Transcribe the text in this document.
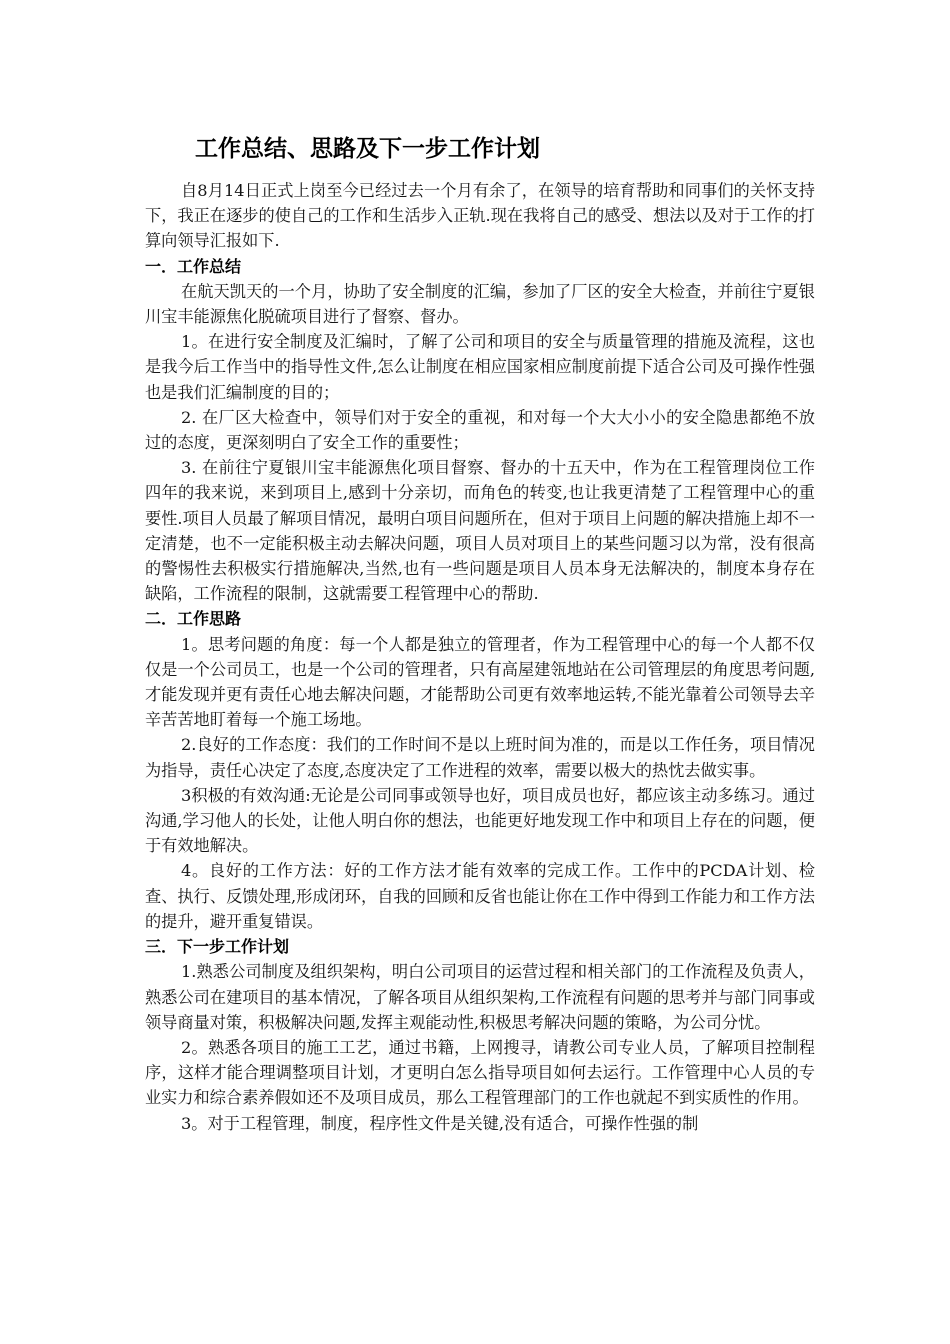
工作总结、思路及下一步工作计划

自8月14日正式上岗至今已经过去一个月有余了，在领导的培育帮助和同事们的关怀支持下，我正在逐步的使自己的工作和生活步入正轨.现在我将自己的感受、想法以及对于工作的打算向领导汇报如下.

一．工作总结

在航天凯天的一个月，协助了安全制度的汇编，参加了厂区的安全大检查，并前往宁夏银川宝丰能源焦化脱硫项目进行了督察、督办。

1。在进行安全制度及汇编时，了解了公司和项目的安全与质量管理的措施及流程，这也是我今后工作当中的指导性文件,怎么让制度在相应国家相应制度前提下适合公司及可操作性强也是我们汇编制度的目的；

2. 在厂区大检查中，领导们对于安全的重视，和对每一个大大小小的安全隐患都绝不放过的态度，更深刻明白了安全工作的重要性；

3. 在前往宁夏银川宝丰能源焦化项目督察、督办的十五天中，作为在工程管理岗位工作四年的我来说，来到项目上,感到十分亲切，而角色的转变,也让我更清楚了工程管理中心的重要性.项目人员最了解项目情况，最明白项目问题所在，但对于项目上问题的解决措施上却不一定清楚，也不一定能积极主动去解决问题，项目人员对项目上的某些问题习以为常，没有很高的警惕性去积极实行措施解决,当然,也有一些问题是项目人员本身无法解决的，制度本身存在缺陷，工作流程的限制，这就需要工程管理中心的帮助.

二．工作思路

1。思考问题的角度：每一个人都是独立的管理者，作为工程管理中心的每一个人都不仅仅是一个公司员工，也是一个公司的管理者，只有高屋建瓴地站在公司管理层的角度思考问题,才能发现并更有责任心地去解决问题，才能帮助公司更有效率地运转,不能光靠着公司领导去辛辛苦苦地盯着每一个施工场地。

2.良好的工作态度：我们的工作时间不是以上班时间为准的，而是以工作任务，项目情况为指导，责任心决定了态度,态度决定了工作进程的效率，需要以极大的热忱去做实事。

3积极的有效沟通:无论是公司同事或领导也好，项目成员也好，都应该主动多练习。通过沟通,学习他人的长处，让他人明白你的想法，也能更好地发现工作中和项目上存在的问题，便于有效地解决。

4。良好的工作方法：好的工作方法才能有效率的完成工作。工作中的PCDA计划、检查、执行、反馈处理,形成闭环，自我的回顾和反省也能让你在工作中得到工作能力和工作方法的提升，避开重复错误。

三．下一步工作计划

1.熟悉公司制度及组织架构，明白公司项目的运营过程和相关部门的工作流程及负责人，熟悉公司在建项目的基本情况，了解各项目从组织架构,工作流程有问题的思考并与部门同事或领导商量对策，积极解决问题,发挥主观能动性,积极思考解决问题的策略，为公司分忧。

2。熟悉各项目的施工工艺，通过书籍，上网搜寻，请教公司专业人员，了解项目控制程序，这样才能合理调整项目计划，才更明白怎么指导项目如何去运行。工作管理中心人员的专业实力和综合素养假如还不及项目成员，那么工程管理部门的工作也就起不到实质性的作用。

3。对于工程管理，制度，程序性文件是关键,没有适合，可操作性强的制
